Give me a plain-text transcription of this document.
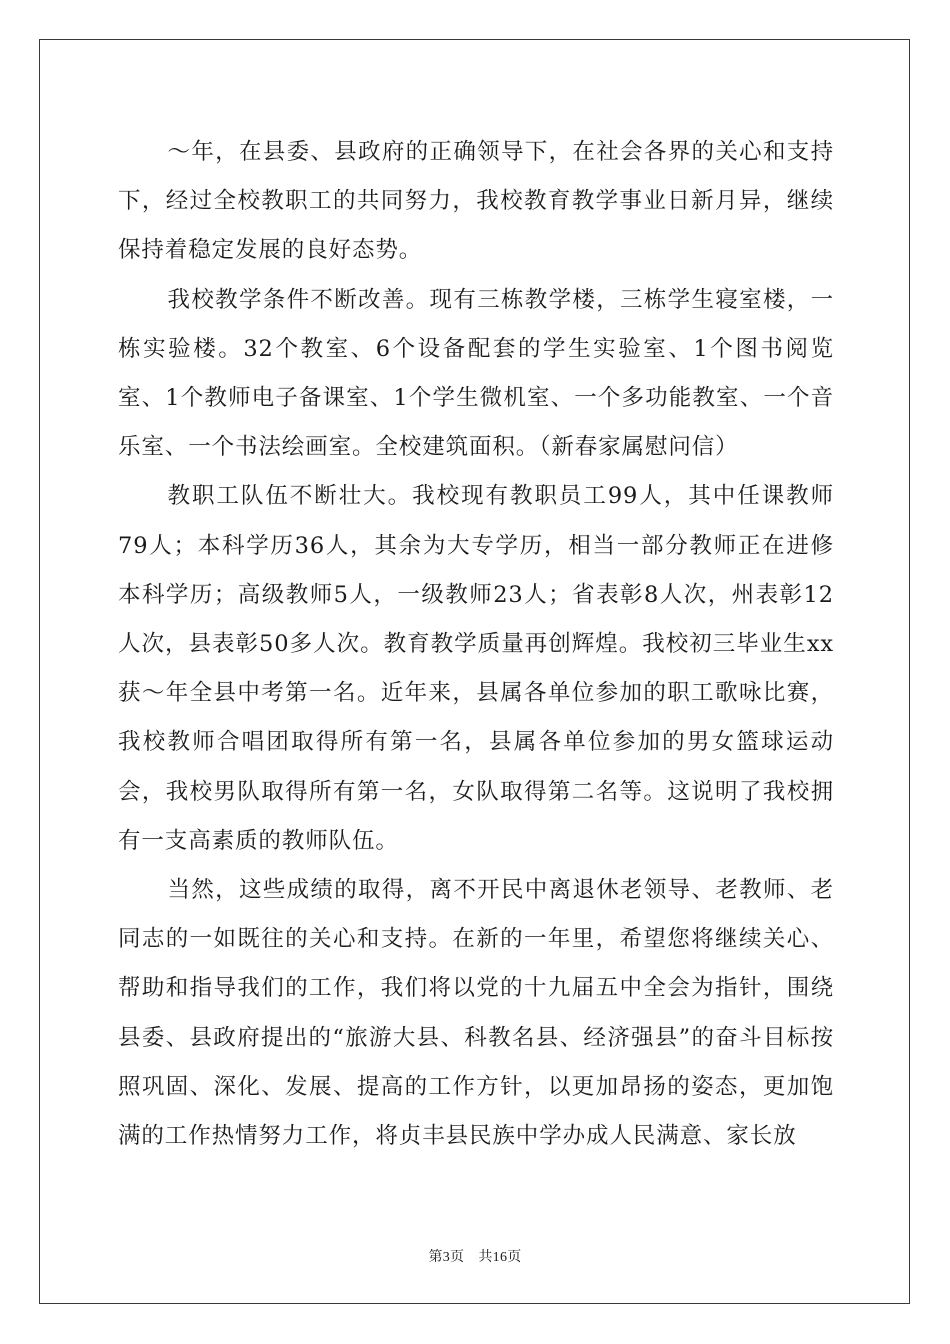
～年，在县委、县政府的正确领导下，在社会各界的关心和支持下，经过全校教职工的共同努力，我校教育教学事业日新月异，继续保持着稳定发展的良好态势。

我校教学条件不断改善。现有三栋教学楼，三栋学生寝室楼，一栋实验楼。32个教室、6个设备配套的学生实验室、1个图书阅览室、1个教师电子备课室、1个学生微机室、一个多功能教室、一个音乐室、一个书法绘画室。全校建筑面积。（新春家属慰问信）

教职工队伍不断壮大。我校现有教职员工99人，其中任课教师79人；本科学历36人，其余为大专学历，相当一部分教师正在进修本科学历；高级教师5人，一级教师23人；省表彰8人次，州表彰12人次，县表彰50多人次。教育教学质量再创辉煌。我校初三毕业生xx获～年全县中考第一名。近年来，县属各单位参加的职工歌咏比赛，我校教师合唱团取得所有第一名，县属各单位参加的男女篮球运动会，我校男队取得所有第一名，女队取得第二名等。这说明了我校拥有一支高素质的教师队伍。

当然，这些成绩的取得，离不开民中离退休老领导、老教师、老同志的一如既往的关心和支持。在新的一年里，希望您将继续关心、帮助和指导我们的工作，我们将以党的十九届五中全会为指针，围绕县委、县政府提出的“旅游大县、科教名县、经济强县”的奋斗目标按照巩固、深化、发展、提高的工作方针，以更加昂扬的姿态，更加饱满的工作热情努力工作，将贞丰县民族中学办成人民满意、家长放

第3页 共16页
